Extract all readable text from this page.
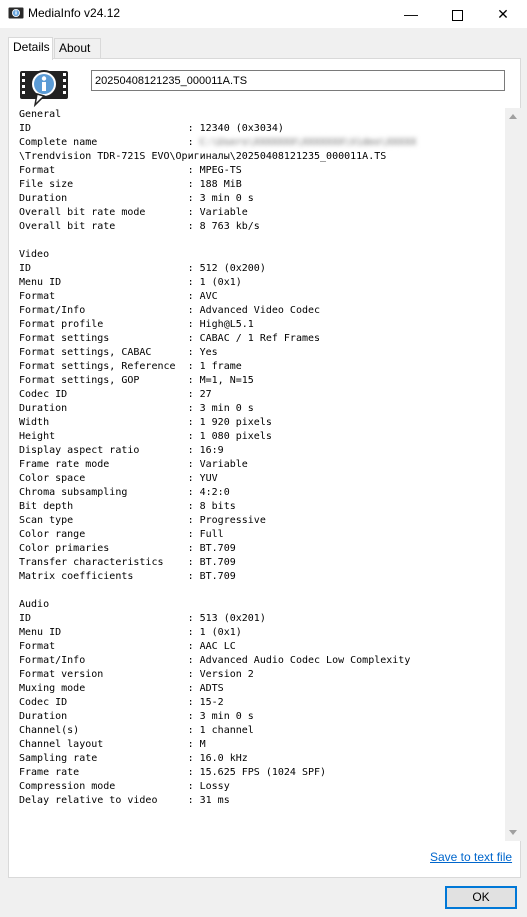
MediaInfo v24.12	—	✕
Details About
20250408121235_000011A.TS
General
ID                          : 12340 (0x3034)
Complete name               : C:\Users\XXXXXXX\XXXXXXX\Video\XXXXX
\Trendvision TDR-721S EVO\Оригиналы\20250408121235_000011A.TS
Format                      : MPEG-TS
File size                   : 188 MiB
Duration                    : 3 min 0 s
Overall bit rate mode       : Variable
Overall bit rate            : 8 763 kb/s
Video
ID                          : 512 (0x200)
Menu ID                     : 1 (0x1)
Format                      : AVC
Format/Info                 : Advanced Video Codec
Format profile              : High@L5.1
Format settings             : CABAC / 1 Ref Frames
Format settings, CABAC      : Yes
Format settings, Reference  : 1 frame
Format settings, GOP        : M=1, N=15
Codec ID                    : 27
Duration                    : 3 min 0 s
Width                       : 1 920 pixels
Height                      : 1 080 pixels
Display aspect ratio        : 16:9
Frame rate mode             : Variable
Color space                 : YUV
Chroma subsampling          : 4:2:0
Bit depth                   : 8 bits
Scan type                   : Progressive
Color range                 : Full
Color primaries             : BT.709
Transfer characteristics    : BT.709
Matrix coefficients         : BT.709
Audio
ID                          : 513 (0x201)
Menu ID                     : 1 (0x1)
Format                      : AAC LC
Format/Info                 : Advanced Audio Codec Low Complexity
Format version              : Version 2
Muxing mode                 : ADTS
Codec ID                    : 15-2
Duration                    : 3 min 0 s
Channel(s)                  : 1 channel
Channel layout              : M
Sampling rate               : 16.0 kHz
Frame rate                  : 15.625 FPS (1024 SPF)
Compression mode            : Lossy
Delay relative to video     : 31 ms
Save to text file
OK
